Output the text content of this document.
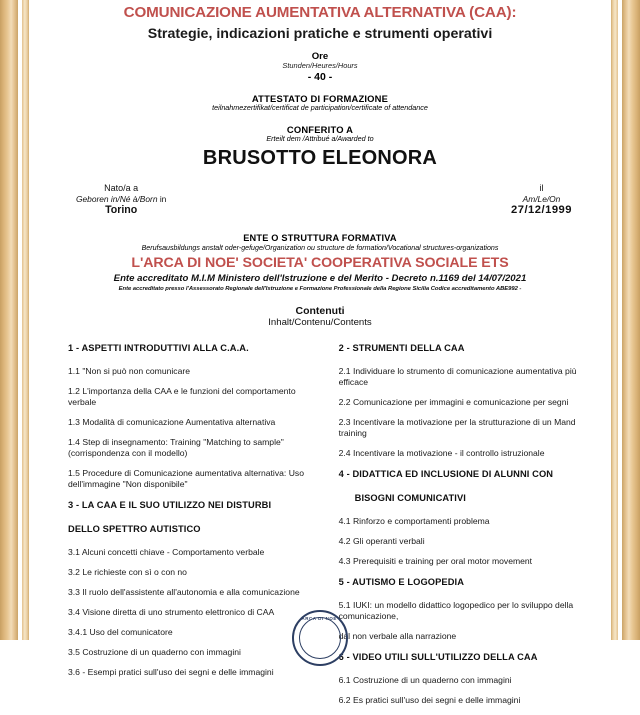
COMUNICAZIONE AUMENTATIVA ALTERNATIVA (CAA):
Strategie, indicazioni pratiche e strumenti operativi
Ore
Stunden/Heures/Hours
- 40 -
ATTESTATO DI FORMAZIONE
teilnahmezertifikat/certificat de participation/certificate of attendance
CONFERITO A
Erteilt dem /Attribué a/Awarded to
BRUSOTTO ELEONORA
Nato/a a
Geboren in/Né à/Born in
Torino
il
Am/Le/On
27/12/1999
ENTE O STRUTTURA FORMATIVA
Berufsausbildungs anstalt oder-gefuge/Organization ou structure de formation/Vocational structures-organizations
L'ARCA DI NOE' SOCIETA' COOPERATIVA SOCIALE ETS
Ente accreditato M.I.M Ministero dell'Istruzione e del Merito - Decreto n.1169 del 14/07/2021
Ente accreditato presso l'Assessorato Regionale dell'Istruzione e Formazione Professionale della Regione Sicilia Codice accreditamento ABE992 -
Contenuti
Inhalt/Contenu/Contents
1 - ASPETTI INTRODUTTIVI ALLA C.A.A.
1.1 "Non si può non comunicare
1.2 L'importanza della CAA e le funzioni del comportamento verbale
1.3 Modalità di comunicazione Aumentativa alternativa
1.4 Step di insegnamento: Training "Matching to sample" (corrispondenza con il modello)
1.5 Procedure di Comunicazione aumentativa alternativa: Uso dell'immagine "Non disponibile"
3 - LA CAA E IL SUO UTILIZZO NEI DISTURBI
DELLO SPETTRO AUTISTICO
3.1 Alcuni concetti chiave - Comportamento verbale
3.2 Le richieste con sì o con no
3.3 Il ruolo dell'assistente all'autonomia e alla comunicazione
3.4 Visione diretta di uno strumento elettronico di CAA
3.4.1 Uso del comunicatore
3.5 Costruzione di un quaderno con immagini
3.6 - Esempi pratici sull'uso dei segni e delle immagini
2 - STRUMENTI DELLA CAA
2.1 Individuare lo strumento di comunicazione aumentativa più efficace
2.2 Comunicazione per immagini e comunicazione per segni
2.3 Incentivare la motivazione per la strutturazione di un Mand training
2.4 Incentivare la motivazione - il controllo istruzionale
4 - DIDATTICA ED INCLUSIONE DI ALUNNI CON
BISOGNI COMUNICATIVI
4.1 Rinforzo e comportamenti problema
4.2 Gli operanti verbali
4.3 Prerequisiti e training per oral motor movement
5 - AUTISMO E LOGOPEDIA
5.1 IUKI: un modello didattico logopedico per lo sviluppo della comunicazione,
dal non verbale alla narrazione
6 - VIDEO UTILI SULL'UTILIZZO DELLA CAA
6.1 Costruzione di un quaderno con immagini
6.2 Es pratici sull'uso dei segni e delle immagini
ARCA DI NOE'
